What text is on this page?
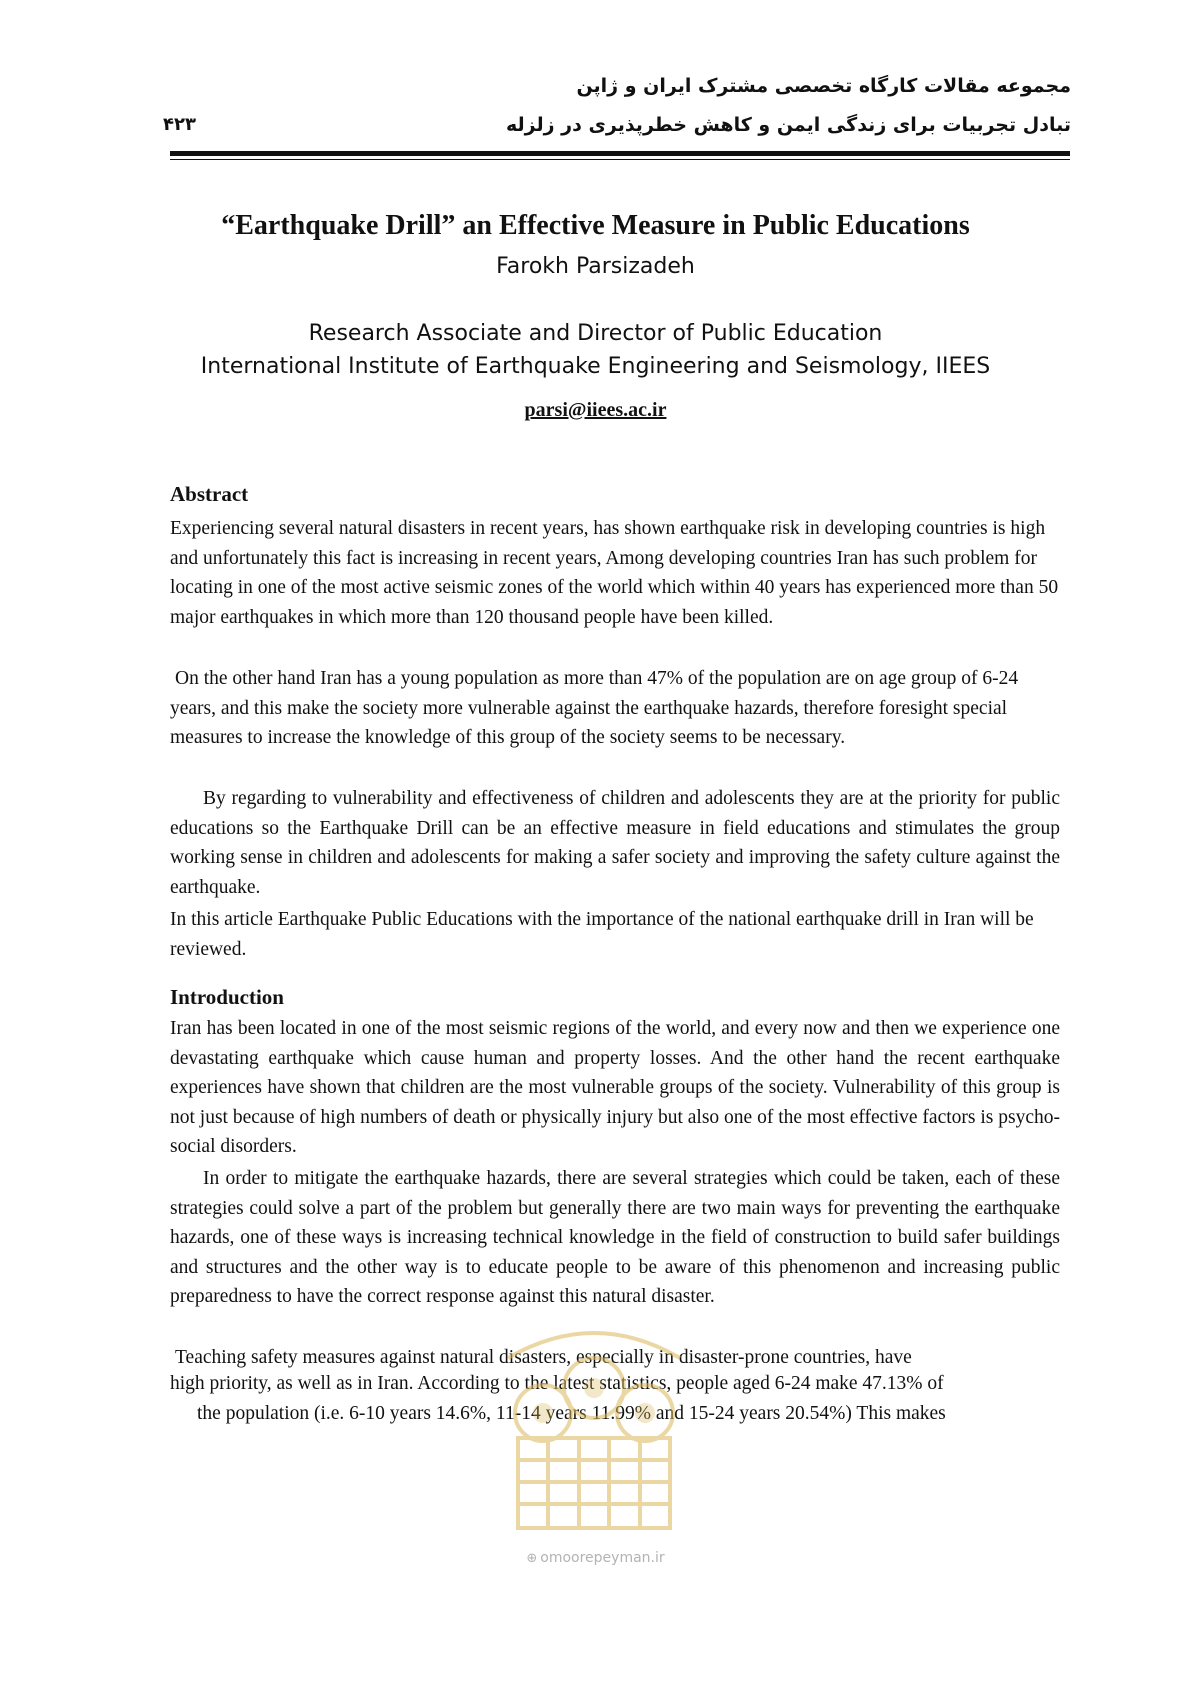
مجموعه مقالات کارگاه تخصصی مشترک ایران و ژاپن
تبادل تجربیات برای زندگی ایمن و کاهش خطرپذیری در زلزله
۴۲۳
“Earthquake Drill” an Effective Measure in Public Educations
Farokh Parsizadeh
Research Associate and Director of Public Education
International Institute of Earthquake Engineering and Seismology, IIEES
parsi@iiees.ac.ir
Abstract

Experiencing several natural disasters in recent years, has shown earthquake risk in developing countries is high and unfortunately this fact is increasing in recent years, Among developing countries Iran has such problem for locating in one of the most active seismic zones of the world which within 40 years has experienced more than 50 major earthquakes in which more than 120 thousand people have been killed.

On the other hand Iran has a young population as more than 47% of the population are on age group of 6-24 years, and this make the society more vulnerable against the earthquake hazards, therefore foresight special measures to increase the knowledge of this group of the society seems to be necessary.

By regarding to vulnerability and effectiveness of children and adolescents they are at the priority for public educations so the Earthquake Drill can be an effective measure in field educations and stimulates the group working sense in children and adolescents for making a safer society and improving the safety culture against the earthquake.

In this article Earthquake Public Educations with the importance of the national earthquake drill in Iran will be reviewed.

Introduction

Iran has been located in one of the most seismic regions of the world, and every now and then we experience one devastating earthquake which cause human and property losses. And the other hand the recent earthquake experiences have shown that children are the most vulnerable groups of the society. Vulnerability of this group is not just because of high numbers of death or physically injury but also one of the most effective factors is psycho-social disorders.

In order to mitigate the earthquake hazards, there are several strategies which could be taken, each of these strategies could solve a part of the problem but generally there are two main ways for preventing the earthquake hazards, one of these ways is increasing technical knowledge in the field of construction to build safer buildings and structures and the other way is to educate people to be aware of this phenomenon and increasing public preparedness to have the correct response against this natural disaster.

Teaching safety measures against natural disasters, especially in disaster-prone countries, have

high priority, as well as in Iran. According to the latest statistics, people aged 6-24 make 47.13% of
the population (i.e. 6-10 years 14.6%, 11-14 years 11.99% and 15-24 years 20.54%) This makes
⊕ omoorepeyman.ir
